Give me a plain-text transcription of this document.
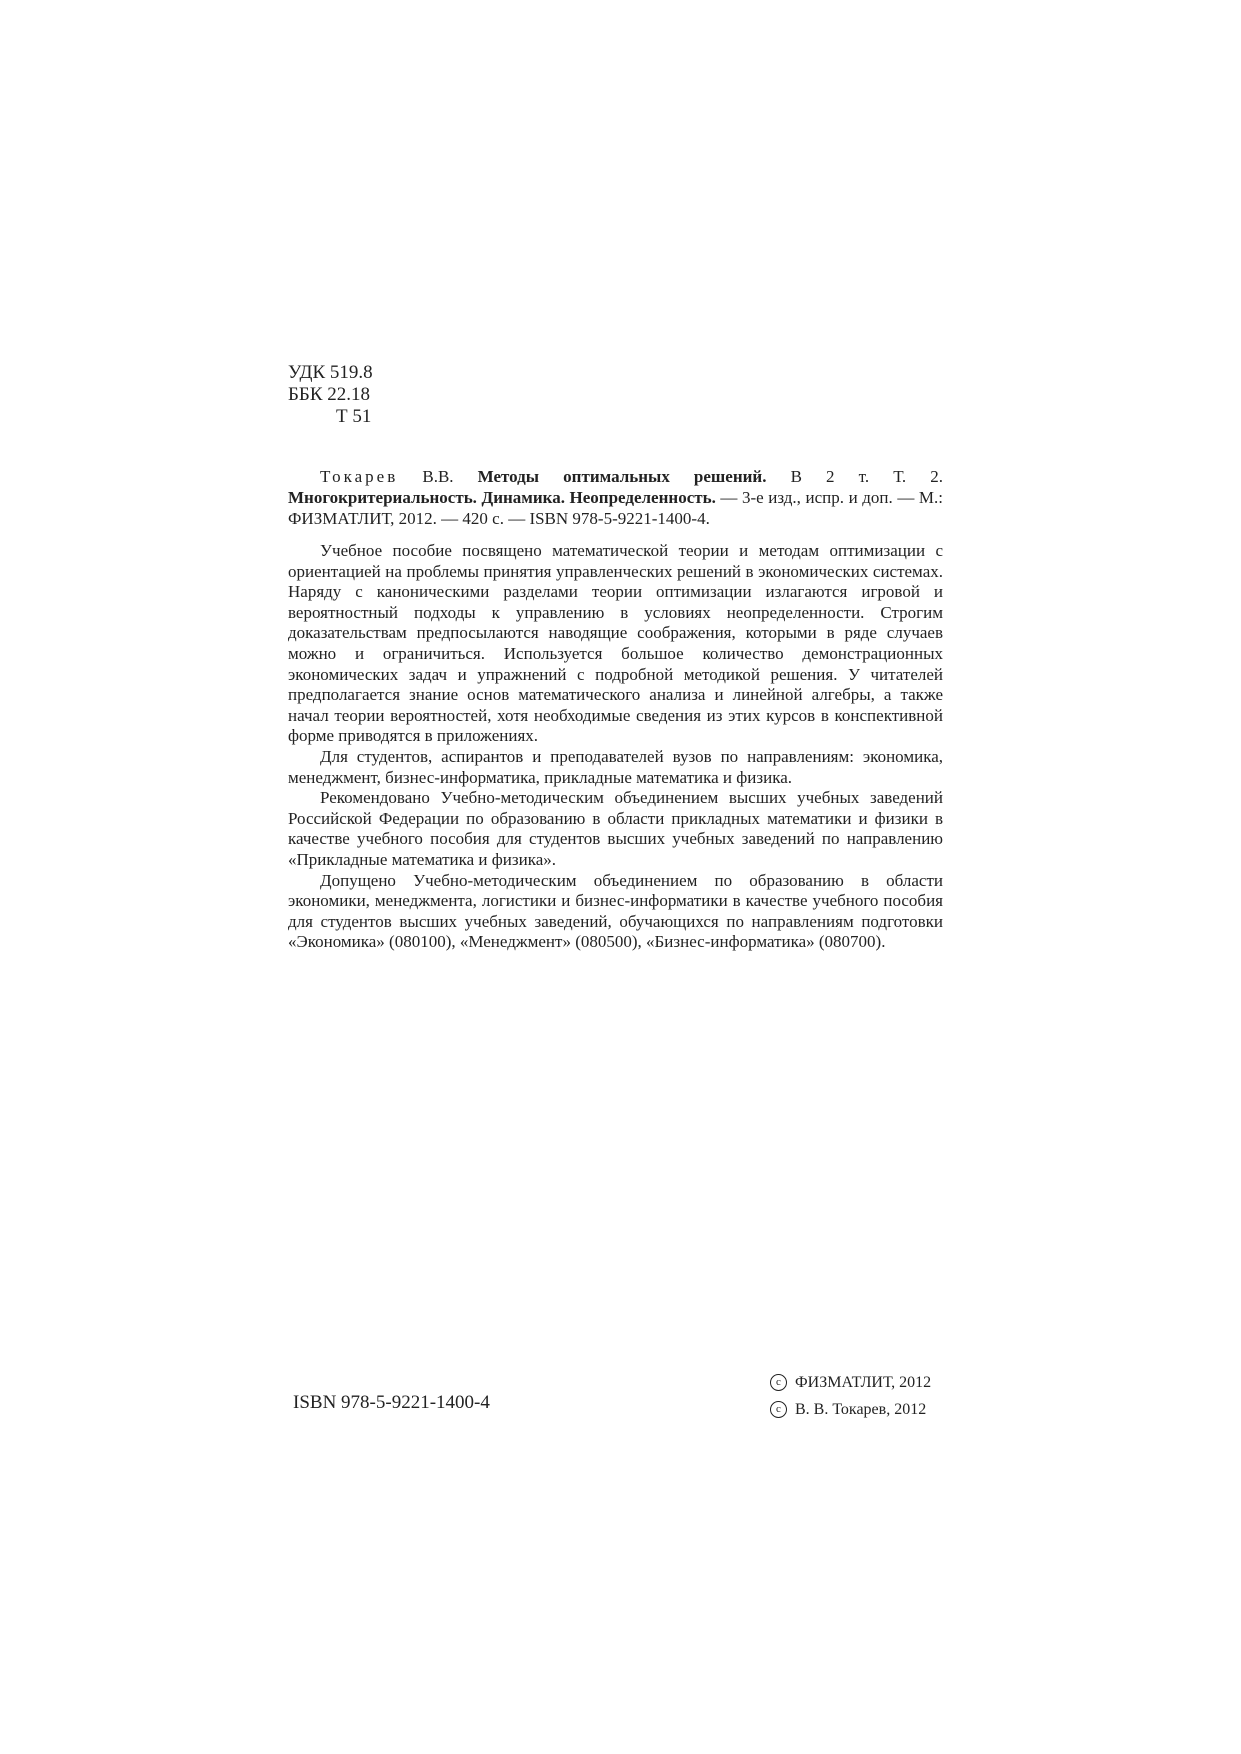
УДК 519.8
ББК 22.18
Т 51
Токарев В.В. Методы оптимальных решений. В 2 т. Т. 2. Многокритериальность. Динамика. Неопределенность. — 3-е изд., испр. и доп. — М.: ФИЗМАТЛИТ, 2012. — 420 с. — ISBN 978-5-9221-1400-4.

Учебное пособие посвящено математической теории и методам оптимизации с ориентацией на проблемы принятия управленческих решений в экономических системах. Наряду с каноническими разделами теории оптимизации излагаются игровой и вероятностный подходы к управлению в условиях неопределенности. Строгим доказательствам предпосылаются наводящие соображения, которыми в ряде случаев можно и ограничиться. Используется большое количество демонстрационных экономических задач и упражнений с подробной методикой решения. У читателей предполагается знание основ математического анализа и линейной алгебры, а также начал теории вероятностей, хотя необходимые сведения из этих курсов в конспективной форме приводятся в приложениях.

Для студентов, аспирантов и преподавателей вузов по направлениям: экономика, менеджмент, бизнес-информатика, прикладные математика и физика.

Рекомендовано Учебно-методическим объединением высших учебных заведений Российской Федерации по образованию в области прикладных математики и физики в качестве учебного пособия для студентов высших учебных заведений по направлению «Прикладные математика и физика».

Допущено Учебно-методическим объединением по образованию в области экономики, менеджмента, логистики и бизнес-информатики в качестве учебного пособия для студентов высших учебных заведений, обучающихся по направлениям подготовки «Экономика» (080100), «Менеджмент» (080500), «Бизнес-информатика» (080700).

ISBN 978-5-9221-1400-4
c ФИЗМАТЛИТ, 2012
c В. В. Токарев, 2012
